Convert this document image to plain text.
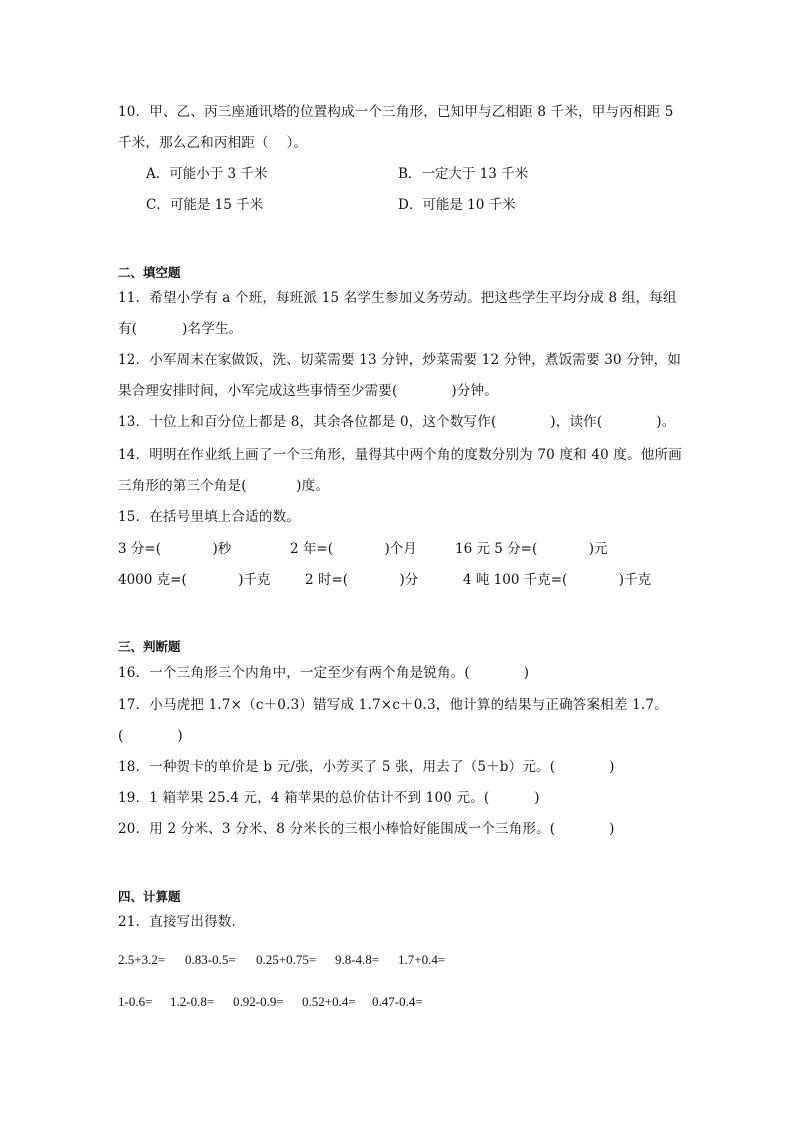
10．甲、乙、丙三座通讯塔的位置构成一个三角形，已知甲与乙相距 8 千米，甲与丙相距 5
千米，那么乙和丙相距（    ）。
A．可能小于 3 千米	B．一定大于 13 千米
C．可能是 15 千米	D．可能是 10 千米
二、填空题
11．希望小学有 a 个班，每班派 15 名学生参加义务劳动。把这些学生平均分成 8 组，每组
有(          )名学生。
12．小军周末在家做饭，洗、切菜需要 13 分钟，炒菜需要 12 分钟，煮饭需要 30 分钟，如
果合理安排时间，小军完成这些事情至少需要(            )分钟。
13．十位上和百分位上都是 8，其余各位都是 0，这个数写作(            )，读作(            )。
14．明明在作业纸上画了一个三角形，量得其中两个角的度数分别为 70 度和 40 度。他所画
三角形的第三个角是(           )度。
15．在括号里填上合适的数。
3 分=(            )秒	2 年=(            )个月	16 元 5 分=(            )元
4000 克=(            )千克	2 时=(            )分	4 吨 100 千克=(            )千克
三、判断题
16．一个三角形三个内角中，一定至少有两个角是锐角。(            )
17．小马虎把 1.7×（c＋0.3）错写成 1.7×c＋0.3，他计算的结果与正确答案相差 1.7。
(            )
18．一种贺卡的单价是 b 元/张，小芳买了 5 张，用去了（5＋b）元。(            )
19．1 箱苹果 25.4 元，4 箱苹果的总价估计不到 100 元。(          )
20．用 2 分米、3 分米、8 分米长的三根小棒恰好能围成一个三角形。(            )
四、计算题
21．直接写出得数．
2.5+3.2= 0.83-0.5= 0.25+0.75= 9.8-4.8= 1.7+0.4=
1-0.6= 1.2-0.8= 0.92-0.9= 0.52+0.4= 0.47-0.4=
